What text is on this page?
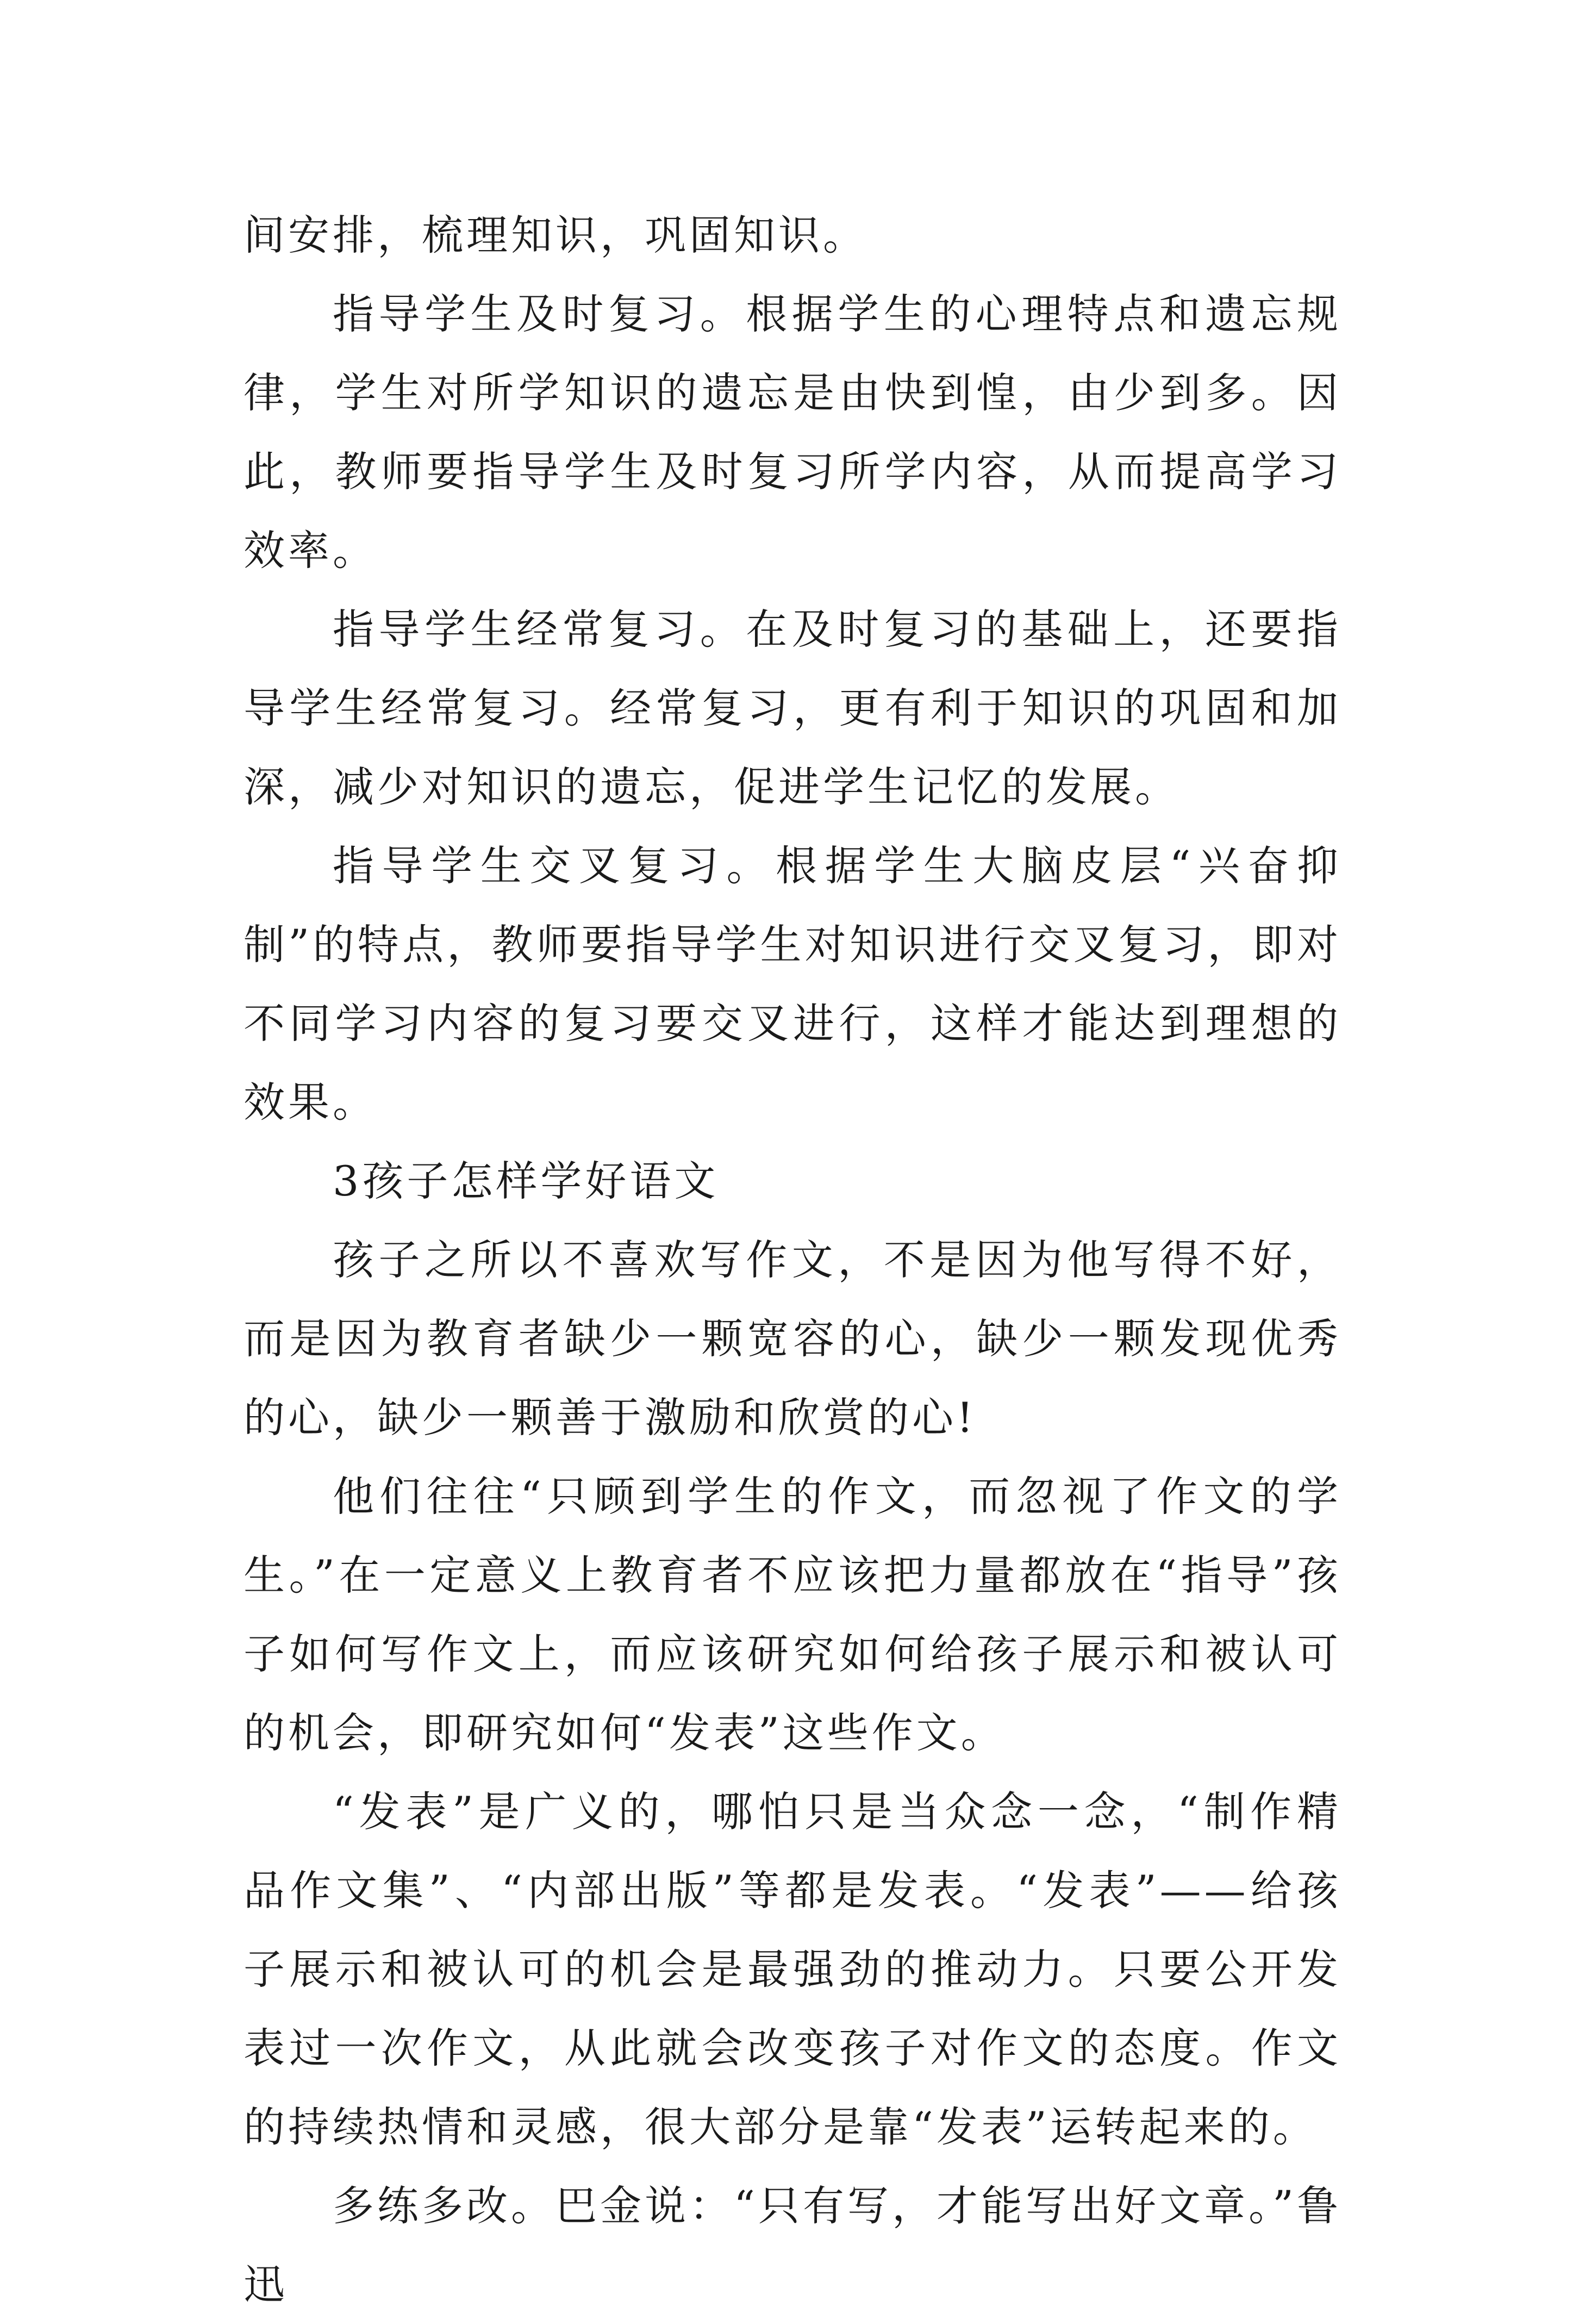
间安排，梳理知识，巩固知识。

指导学生及时复习。根据学生的心理特点和遗忘规律，学生对所学知识的遗忘是由快到惶，由少到多。因此，教师要指导学生及时复习所学内容，从而提高学习效率。

指导学生经常复习。在及时复习的基础上，还要指导学生经常复习。经常复习，更有利于知识的巩固和加深，减少对知识的遗忘，促进学生记忆的发展。

指导学生交叉复习。根据学生大脑皮层“兴奋抑制”的特点，教师要指导学生对知识进行交叉复习，即对不同学习内容的复习要交叉进行，这样才能达到理想的效果。

3孩子怎样学好语文

孩子之所以不喜欢写作文，不是因为他写得不好，而是因为教育者缺少一颗宽容的心，缺少一颗发现优秀的心，缺少一颗善于激励和欣赏的心!

他们往往“只顾到学生的作文，而忽视了作文的学生。”在一定意义上教育者不应该把力量都放在“指导”孩子如何写作文上，而应该研究如何给孩子展示和被认可的机会，即研究如何“发表”这些作文。

“发表”是广义的，哪怕只是当众念一念，“制作精品作文集”、“内部出版”等都是发表。“发表”——给孩子展示和被认可的机会是最强劲的推动力。只要公开发表过一次作文，从此就会改变孩子对作文的态度。作文的持续热情和灵感，很大部分是靠“发表”运转起来的。

多练多改。巴金说：“只有写，才能写出好文章。”鲁迅
